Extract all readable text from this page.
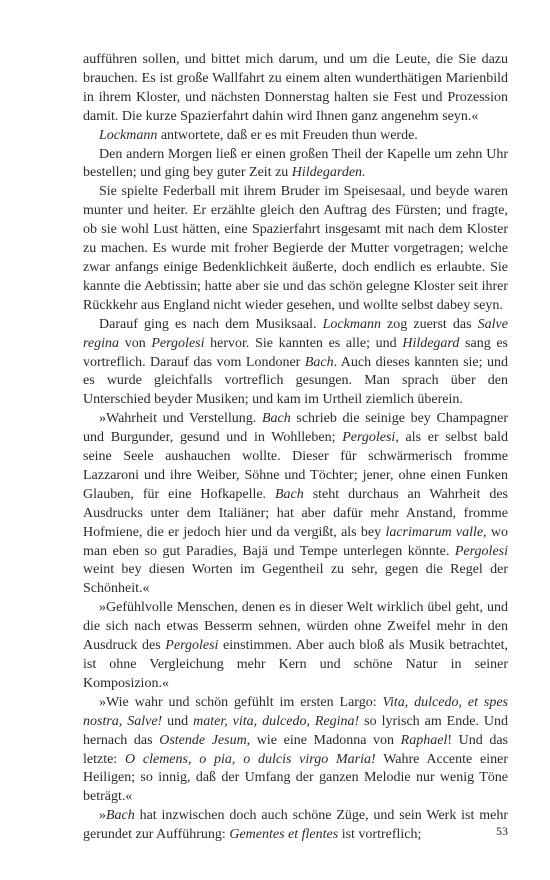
aufführen sollen, und bittet mich darum, und um die Leute, die Sie dazu brauchen. Es ist große Wallfahrt zu einem alten wunderthätigen Marienbild in ihrem Kloster, und nächsten Donnerstag halten sie Fest und Prozession damit. Die kurze Spazierfahrt dahin wird Ihnen ganz angenehm seyn.«

Lockmann antwortete, daß er es mit Freuden thun werde.

Den andern Morgen ließ er einen großen Theil der Kapelle um zehn Uhr bestellen; und ging bey guter Zeit zu Hildegarden.

Sie spielte Federball mit ihrem Bruder im Speisesaal, und beyde waren munter und heiter. Er erzählte gleich den Auftrag des Fürsten; und fragte, ob sie wohl Lust hätten, eine Spazierfahrt insgesamt mit nach dem Kloster zu machen. Es wurde mit froher Begierde der Mutter vorgetragen; welche zwar anfangs einige Bedenklichkeit äußerte, doch endlich es erlaubte. Sie kannte die Aebtissin; hatte aber sie und das schön gelegne Kloster seit ihrer Rückkehr aus England nicht wieder gesehen, und wollte selbst dabey seyn.

Darauf ging es nach dem Musiksaal. Lockmann zog zuerst das Salve regina von Pergolesi hervor. Sie kannten es alle; und Hildegard sang es vortreflich. Darauf das vom Londoner Bach. Auch dieses kannten sie; und es wurde gleichfalls vortreflich gesungen. Man sprach über den Unterschied beyder Musiken; und kam im Urtheil ziemlich überein.

»Wahrheit und Verstellung. Bach schrieb die seinige bey Champagner und Burgunder, gesund und in Wohlleben; Pergolesi, als er selbst bald seine Seele aushauchen wollte. Dieser für schwärmerisch fromme Lazzaroni und ihre Weiber, Söhne und Töchter; jener, ohne einen Funken Glauben, für eine Hofkapelle. Bach steht durchaus an Wahrheit des Ausdrucks unter dem Italiäner; hat aber dafür mehr Anstand, fromme Hofmiene, die er jedoch hier und da vergißt, als bey lacrimarum valle, wo man eben so gut Paradies, Bajä und Tempe unterlegen könnte. Pergolesi weint bey diesen Worten im Gegentheil zu sehr, gegen die Regel der Schönheit.«

»Gefühlvolle Menschen, denen es in dieser Welt wirklich übel geht, und die sich nach etwas Besserm sehnen, würden ohne Zweifel mehr in den Ausdruck des Pergolesi einstimmen. Aber auch bloß als Musik betrachtet, ist ohne Vergleichung mehr Kern und schöne Natur in seiner Komposizion.«

»Wie wahr und schön gefühlt im ersten Largo: Vita, dulcedo, et spes nostra, Salve! und mater, vita, dulcedo, Regina! so lyrisch am Ende. Und hernach das Ostende Jesum, wie eine Madonna von Raphael! Und das letzte: O clemens, o pia, o dulcis virgo Maria! Wahre Accente einer Heiligen; so innig, daß der Umfang der ganzen Melodie nur wenig Töne beträgt.«

»Bach hat inzwischen doch auch schöne Züge, und sein Werk ist mehr gerundet zur Aufführung: Gementes et flentes ist vortreflich;	53
